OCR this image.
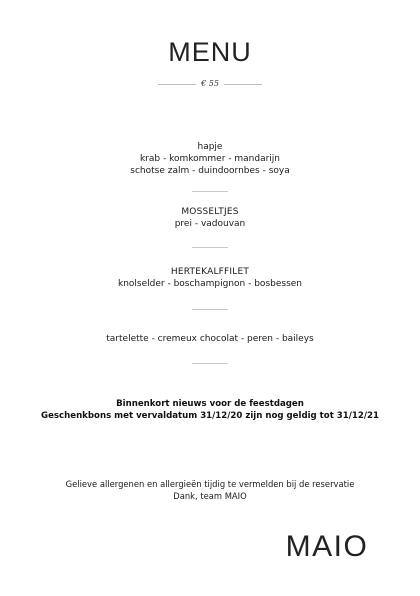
MENU
€ 55
hapje
krab - komkommer - mandarijn
schotse zalm - duindoornbes - soya
MOSSELTJES
prei - vadouvan
HERTEKALFFILET
knolselder - boschampignon - bosbessen
tartelette - cremeux chocolat - peren - baileys
Binnenkort nieuws voor de feestdagen
Geschenkbons met vervaldatum 31/12/20 zijn nog geldig tot 31/12/21
Gelieve allergenen en allergieën tijdig te vermelden bij de reservatie
Dank, team MAIO
MAIO
